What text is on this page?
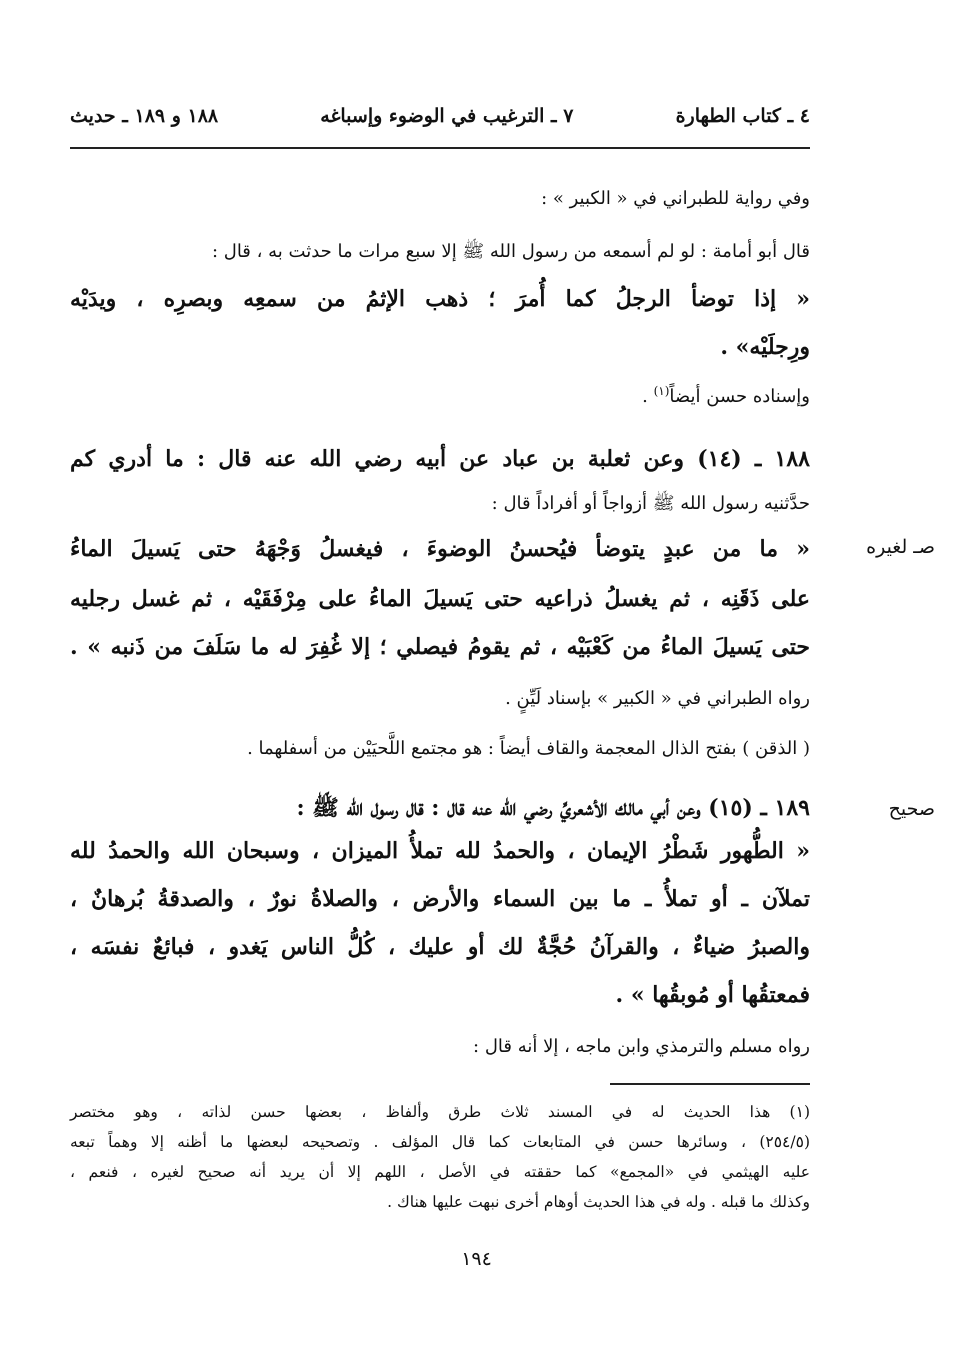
٤ ـ كتاب الطهارة
٧ ـ الترغيب في الوضوء وإسباغه
١٨٨ و ١٨٩ ـ حديث
وفي رواية للطبراني في « الكبير » :
قال أبو أمامة : لو لم أسمعه من رسول الله ﷺ إلا سبع مرات ما حدثت به ، قال :
« إذا توضأ الرجلُ كما أُمرَ ؛ ذهب الإثمُ من سمعِه وبصرِه ، ويدَيْه
ورِجلَيْه» .
وإسناده حسن أيضاً$^{(١)}$ .
١٨٨ ـ (١٤) وعن ثعلبة بن عباد عن أبيه رضي الله عنه قال : ما أدري كم
حدَّثنيه رسول الله ﷺ أزواجاً أو أفراداً قال :
صـ لغيره
« ما من عبدٍ يتوضأ فيُحسنُ الوضوءَ ، فيغسلُ وَجْهَهُ حتى يَسيلَ الماءُ
على ذَقَنِه ، ثم يغسلُ ذراعيه حتى يَسيلَ الماءُ على مِرْفَقَيْه ، ثم غسل رجليه
حتى يَسيلَ الماءُ من كَعْبَيْه ، ثم يقومُ فيصلي ؛ إلا غُفِرَ له ما سَلَفَ من ذَنبه » .
رواه الطبراني في « الكبير » بإسناد لَيِّنٍ .
( الذقن ) بفتح الذال المعجمة والقاف أيضاً : هو مجتمع اللَّحيَيْن من أسفلهما .
صحيح
١٨٩ ـ (١٥) وعن أبي مالك الأشعريِّ رضي الله عنه قال : قال رسول الله ﷺ :
« الطُّهور شَطْرُ الإيمان ، والحمدُ لله تملأُ الميزان ، وسبحان الله والحمدُ لله
تملآن ـ أو تملأُ ـ ما بين السماء والأرض ، والصلاةُ نورٌ ، والصدقةُ بُرهانٌ ،
والصبرُ ضياءٌ ، والقرآنُ حُجَّةٌ لك أو عليك ، كُلُّ الناس يَغدو ، فبائعٌ نفسَه ،
فمعتقُها أو مُوبقُها » .
رواه مسلم والترمذي وابن ماجه ، إلا أنه قال :
(١) هذا الحديث له في المسند ثلاث طرق وألفاظ ، بعضها حسن لذاته ، وهو مختصر
(٢٥٤/٥) ، وسائرها حسن في المتابعات كما قال المؤلف . وتصحيحه لبعضها ما أظنه إلا وهماً تبعه
عليه الهيثمي في «المجمع» كما حققته في الأصل ، اللهم إلا أن يريد أنه صحيح لغيره ، فنعم ،
وكذلك ما قبله . وله في هذا الحديث أوهام أخرى نبهت عليها هناك .
١٩٤
